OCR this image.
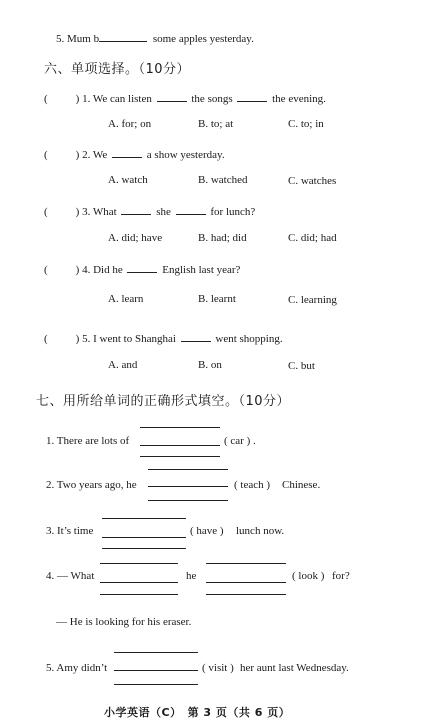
5. Mum b	some apples yesterday.
六、单项选择。（10分）
(	) 1. We can listen	the songs	the evening.
A. for; on	B. to; at	C. to; in
(	) 2. We	a show yesterday.
A. watch	B. watched	C. watches
(	) 3. What	she	for lunch?
A. did; have	B. had; did	C. did; had
(	) 4. Did he	English last year?
A. learn	B. learnt	C. learning
(	) 5. I went to Shanghai	went shopping.
A. and	B. on	C. but
七、用所给单词的正确形式填空。（10分）
1. There are lots of	( car ) .
2. Two years ago, he	( teach ) Chinese.
3. It’s time	( have ) lunch now.
4. — What	he	( look ) for?
— He is looking for his eraser.
5. Amy didn’t	( visit ) her aunt last Wednesday.
小学英语（C）　第 3 页（共 6 页）
